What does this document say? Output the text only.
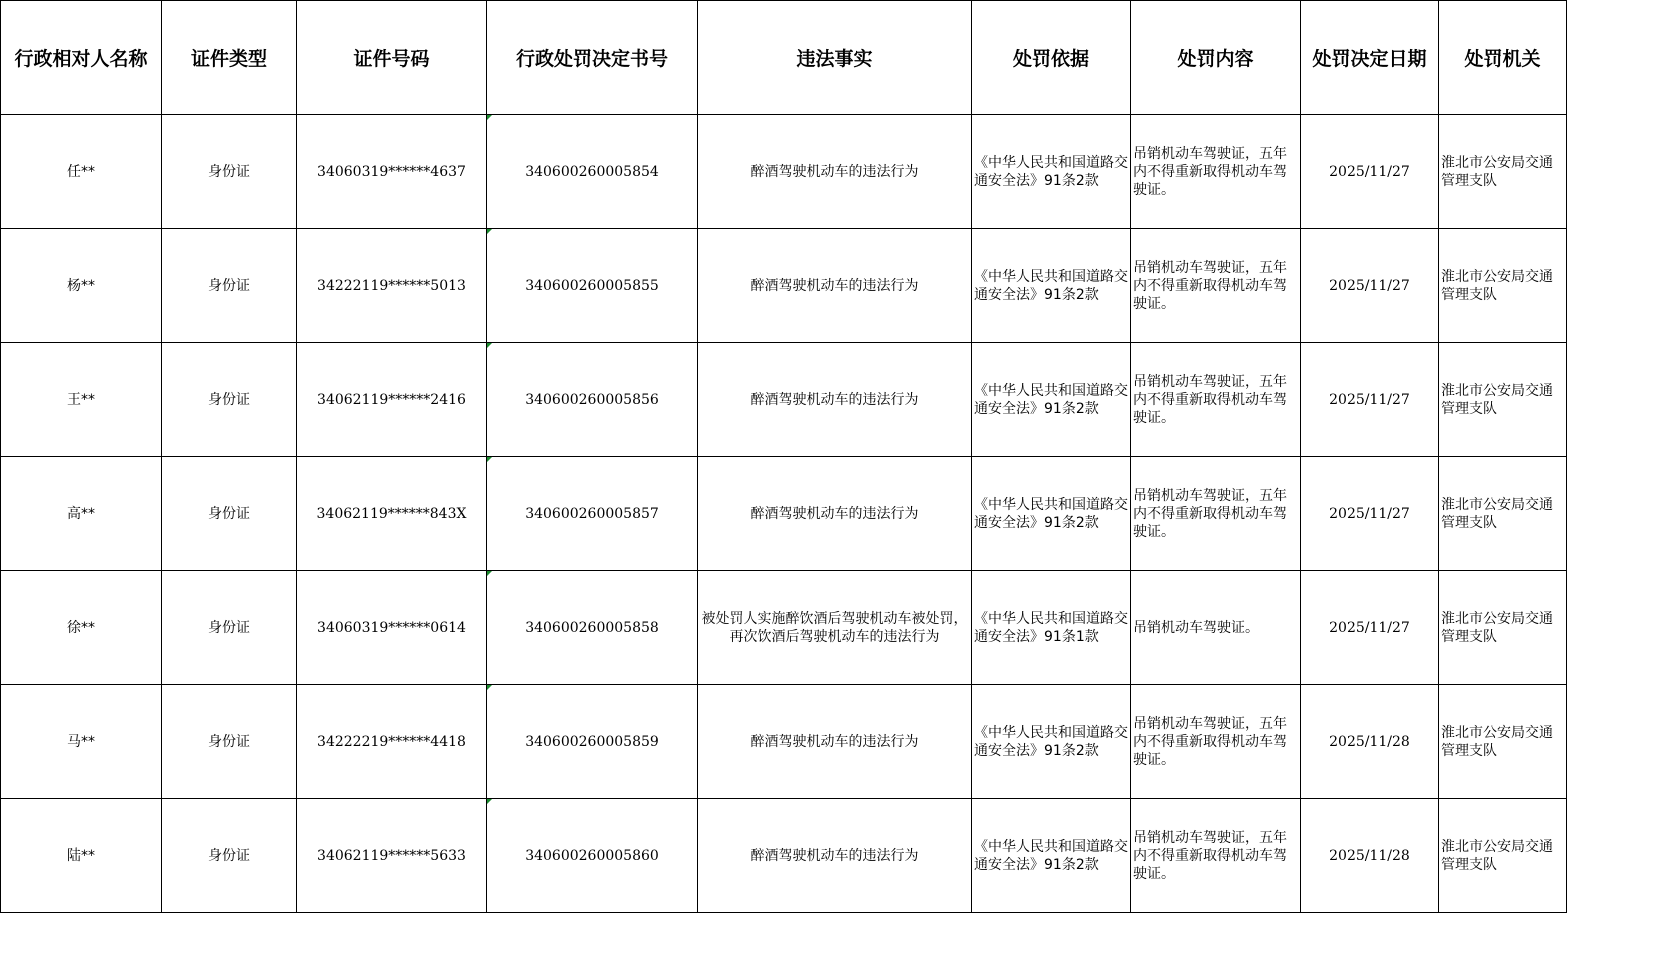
行政相对人名称	证件类型	证件号码	行政处罚决定书号	违法事实	处罚依据	处罚内容	处罚决定日期	处罚机关
任**	身份证	34060319******4637	340600260005854	醉酒驾驶机动车的违法行为	《中华人民共和国道路交通安全法》91条2款	吊销机动车驾驶证，五年内不得重新取得机动车驾驶证。	2025/11/27	淮北市公安局交通管理支队
杨**	身份证	34222119******5013	340600260005855	醉酒驾驶机动车的违法行为	《中华人民共和国道路交通安全法》91条2款	吊销机动车驾驶证，五年内不得重新取得机动车驾驶证。	2025/11/27	淮北市公安局交通管理支队
王**	身份证	34062119******2416	340600260005856	醉酒驾驶机动车的违法行为	《中华人民共和国道路交通安全法》91条2款	吊销机动车驾驶证，五年内不得重新取得机动车驾驶证。	2025/11/27	淮北市公安局交通管理支队
高**	身份证	34062119******843X	340600260005857	醉酒驾驶机动车的违法行为	《中华人民共和国道路交通安全法》91条2款	吊销机动车驾驶证，五年内不得重新取得机动车驾驶证。	2025/11/27	淮北市公安局交通管理支队
徐**	身份证	34060319******0614	340600260005858	被处罚人实施醉饮酒后驾驶机动车被处罚，再次饮酒后驾驶机动车的违法行为	《中华人民共和国道路交通安全法》91条1款	吊销机动车驾驶证。	2025/11/27	淮北市公安局交通管理支队
马**	身份证	34222219******4418	340600260005859	醉酒驾驶机动车的违法行为	《中华人民共和国道路交通安全法》91条2款	吊销机动车驾驶证，五年内不得重新取得机动车驾驶证。	2025/11/28	淮北市公安局交通管理支队
陆**	身份证	34062119******5633	340600260005860	醉酒驾驶机动车的违法行为	《中华人民共和国道路交通安全法》91条2款	吊销机动车驾驶证，五年内不得重新取得机动车驾驶证。	2025/11/28	淮北市公安局交通管理支队
